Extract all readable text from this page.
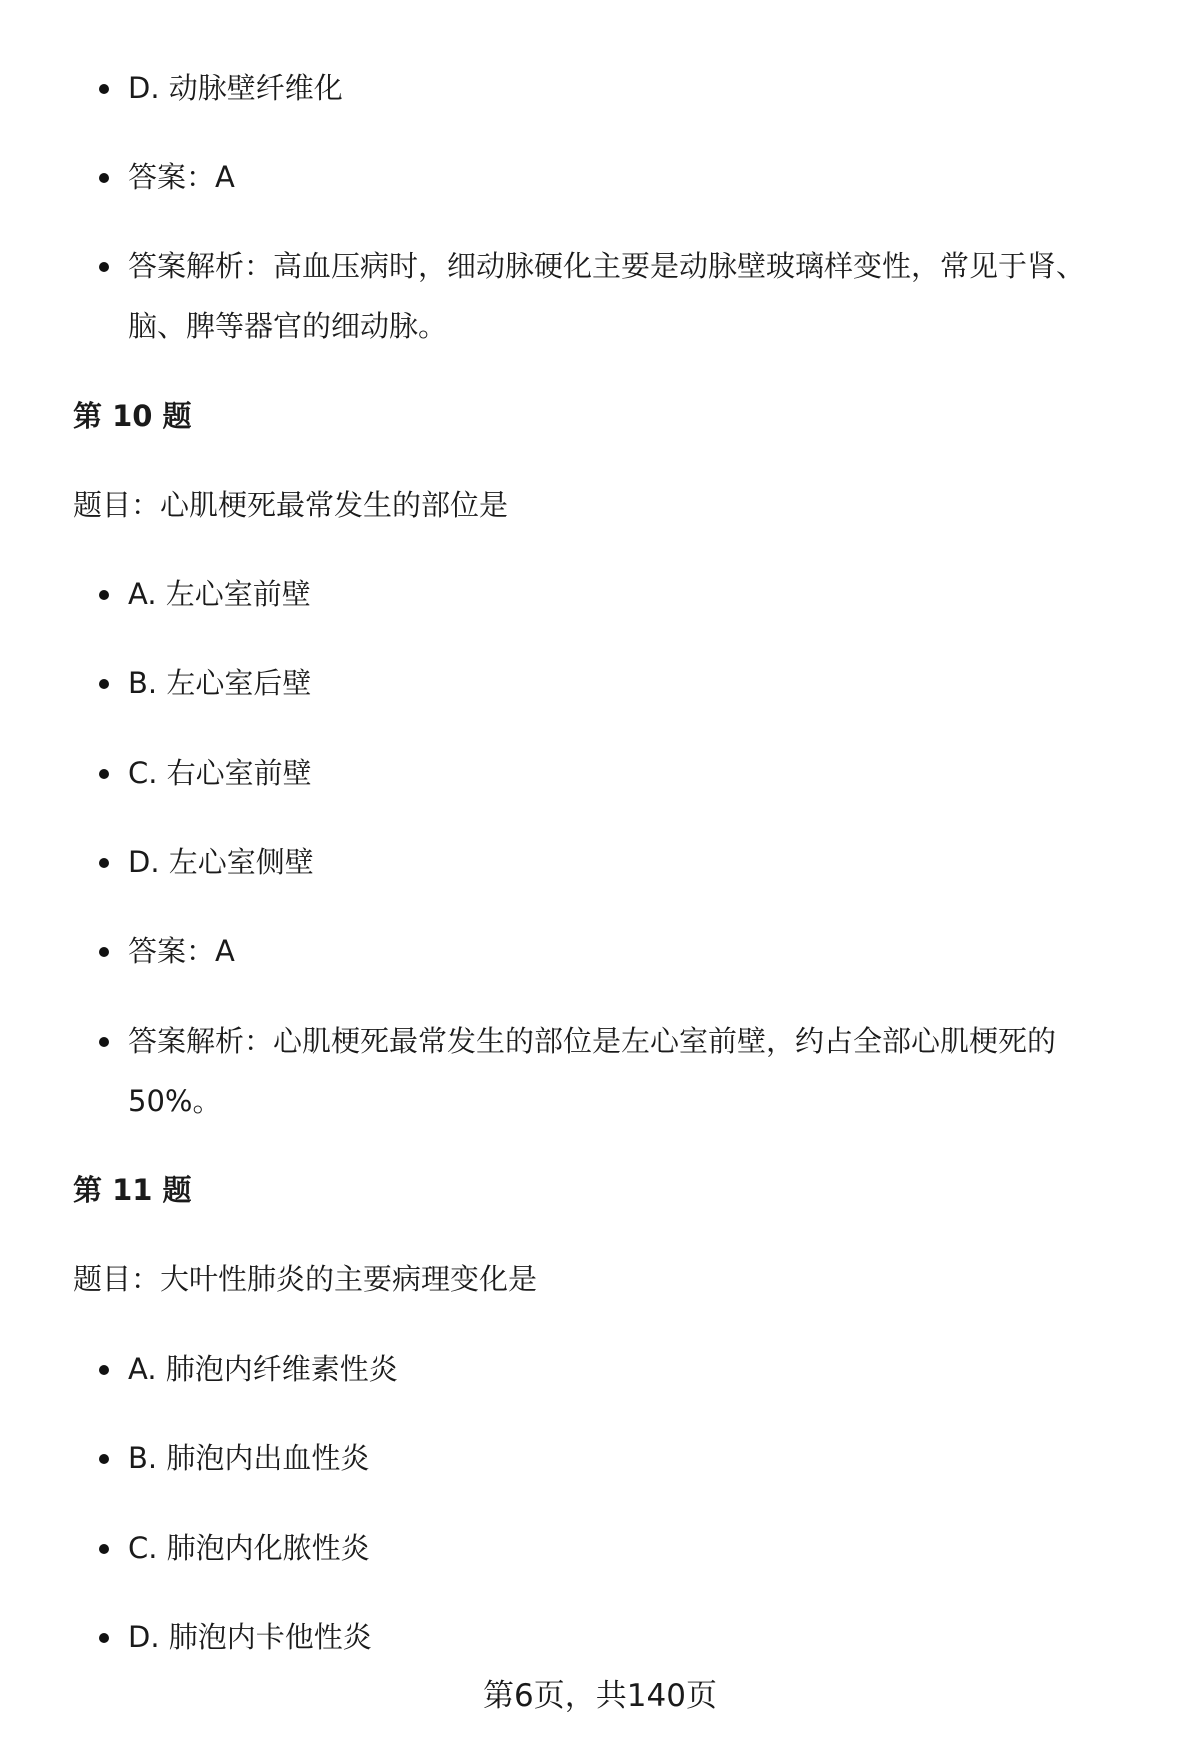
D. 动脉壁纤维化
答案：A
答案解析：高血压病时，细动脉硬化主要是动脉壁玻璃样变性，常见于肾、
脑、脾等器官的细动脉。
第 10 题
题目：心肌梗死最常发生的部位是
A. 左心室前壁
B. 左心室后壁
C. 右心室前壁
D. 左心室侧壁
答案：A
答案解析：心肌梗死最常发生的部位是左心室前壁，约占全部心肌梗死的
50%。
第 11 题
题目：大叶性肺炎的主要病理变化是
A. 肺泡内纤维素性炎
B. 肺泡内出血性炎
C. 肺泡内化脓性炎
D. 肺泡内卡他性炎
第6页，共140页
